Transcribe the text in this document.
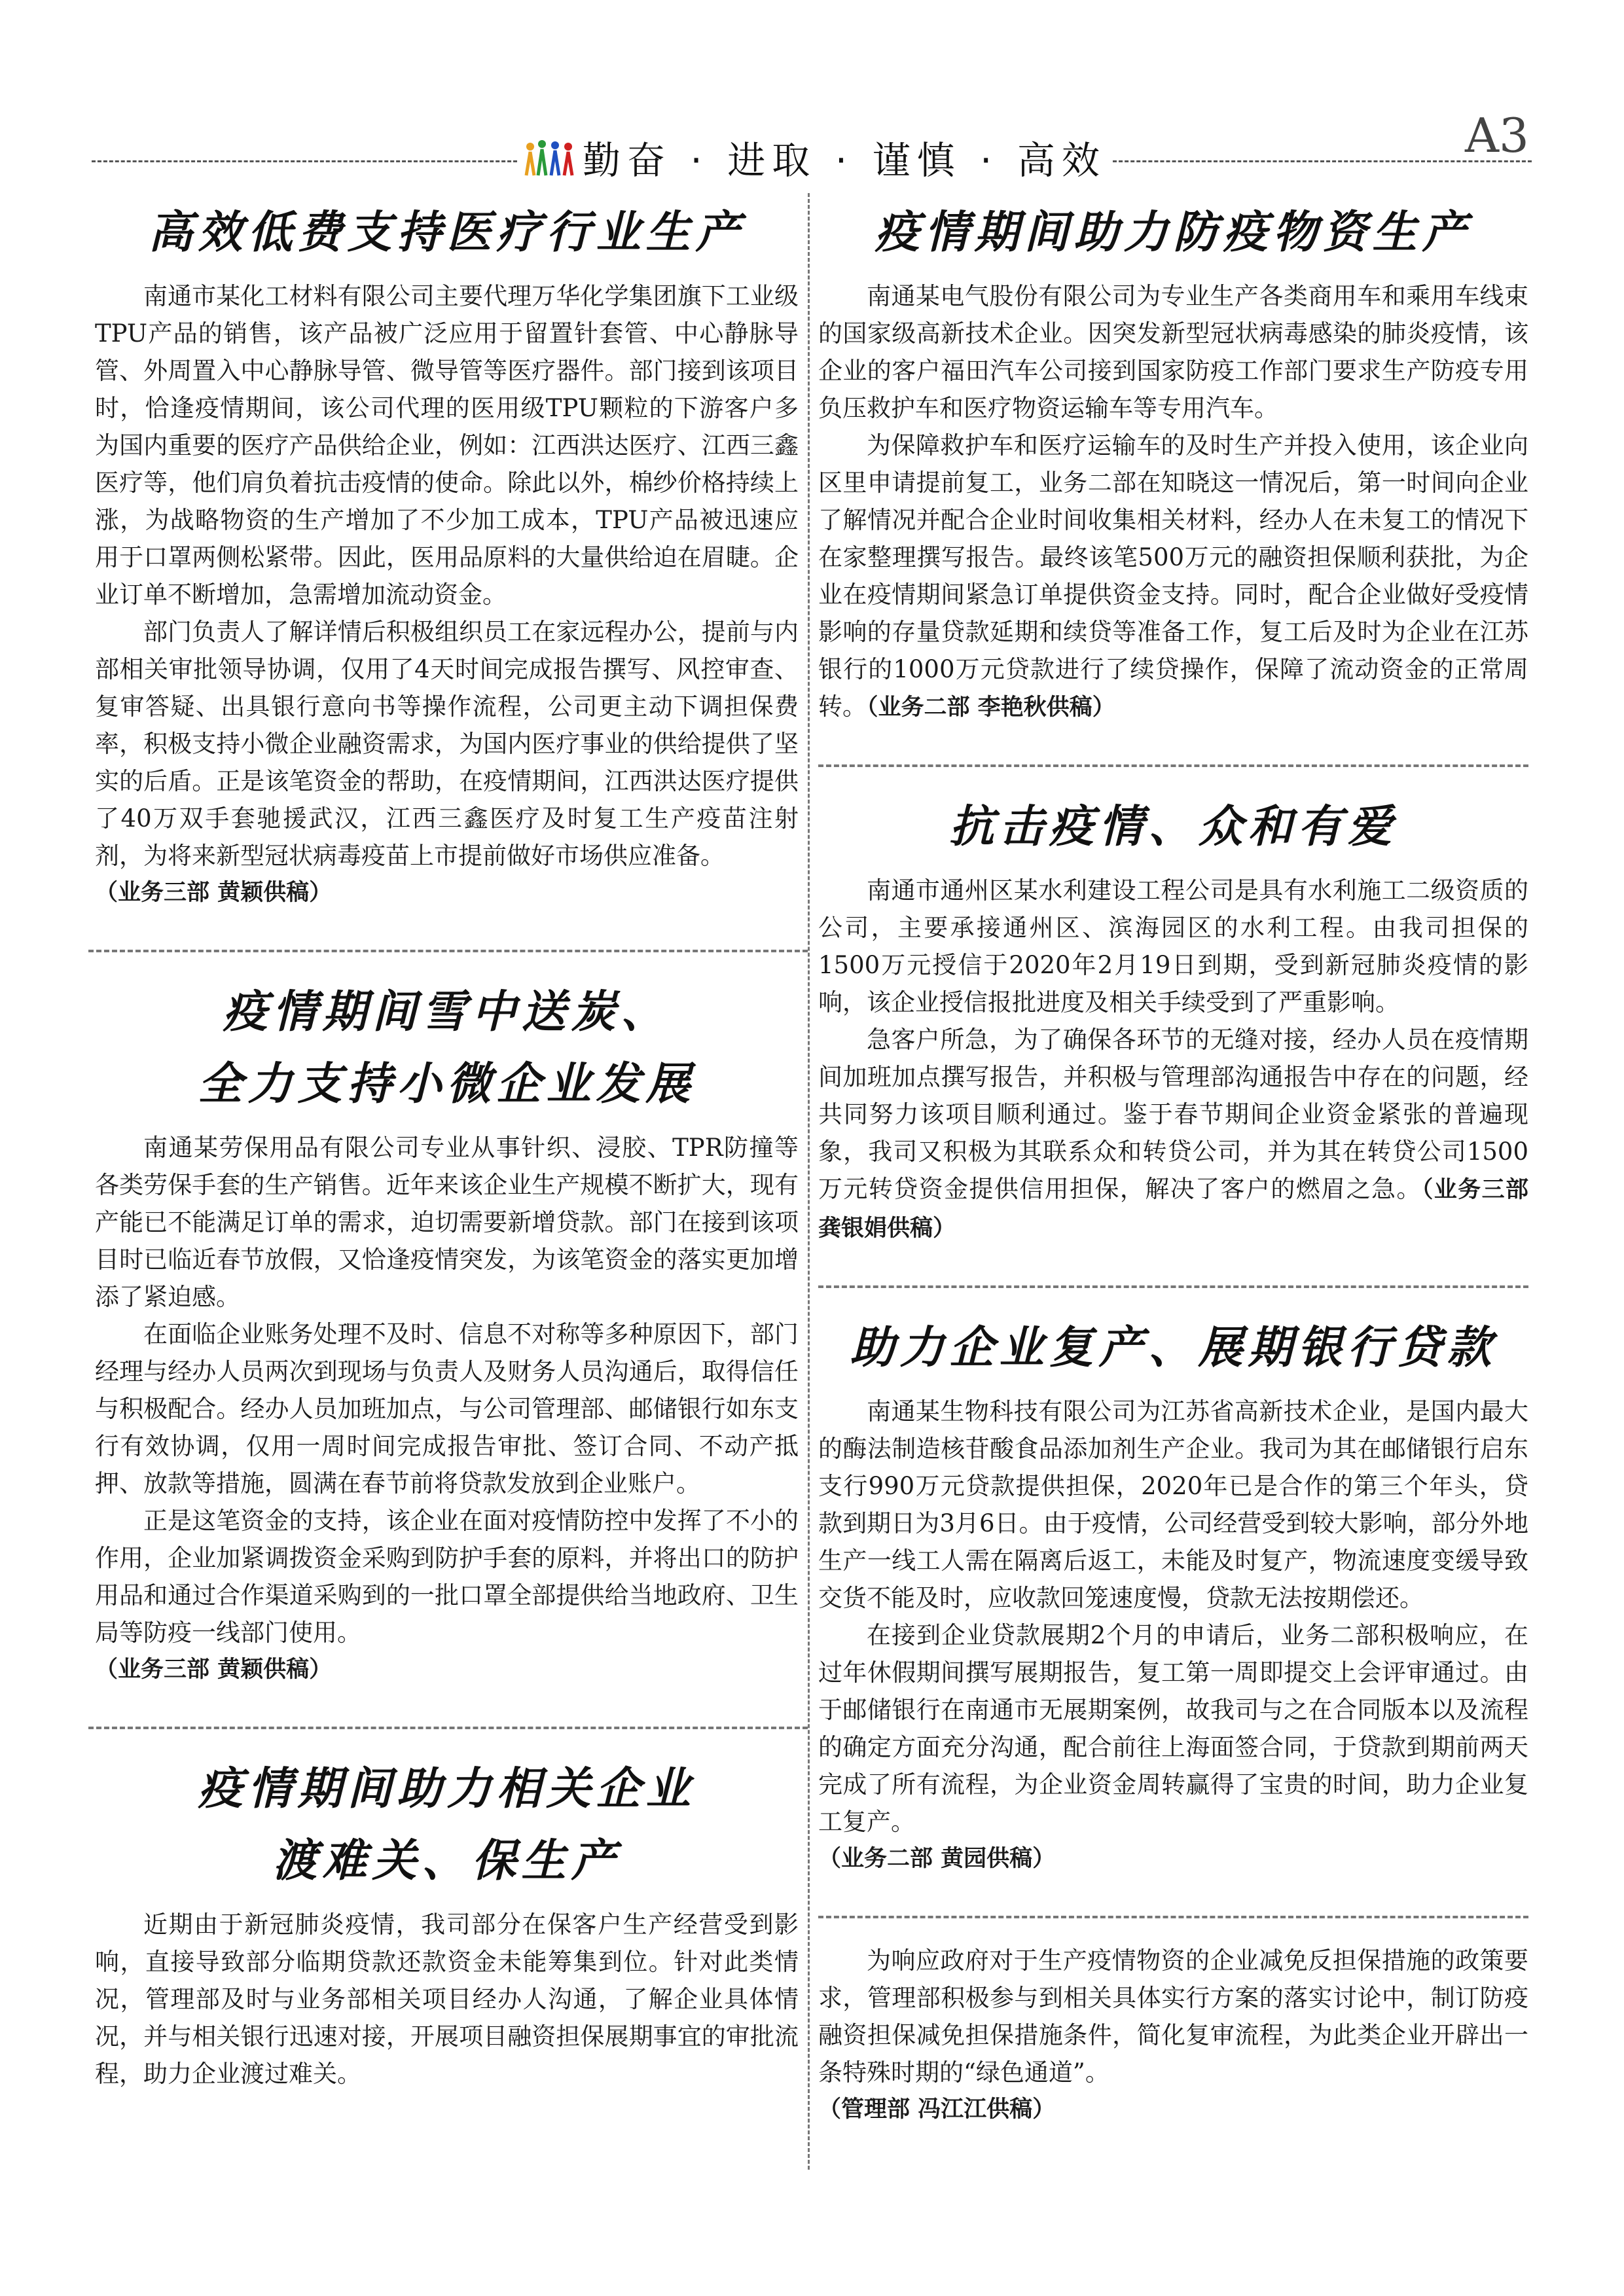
勤奋 · 进取 · 谨慎 · 高效	A3
高效低费支持医疗行业生产

南通市某化工材料有限公司主要代理万华化学集团旗下工业级TPU产品的销售，该产品被广泛应用于留置针套管、中心静脉导管、外周置入中心静脉导管、微导管等医疗器件。部门接到该项目时，恰逢疫情期间，该公司代理的医用级TPU颗粒的下游客户多为国内重要的医疗产品供给企业，例如：江西洪达医疗、江西三鑫医疗等，他们肩负着抗击疫情的使命。除此以外，棉纱价格持续上涨，为战略物资的生产增加了不少加工成本，TPU产品被迅速应用于口罩两侧松紧带。因此，医用品原料的大量供给迫在眉睫。企业订单不断增加，急需增加流动资金。

部门负责人了解详情后积极组织员工在家远程办公，提前与内部相关审批领导协调，仅用了4天时间完成报告撰写、风控审查、复审答疑、出具银行意向书等操作流程，公司更主动下调担保费率，积极支持小微企业融资需求，为国内医疗事业的供给提供了坚实的后盾。正是该笔资金的帮助，在疫情期间，江西洪达医疗提供了40万双手套驰援武汉，江西三鑫医疗及时复工生产疫苗注射剂，为将来新型冠状病毒疫苗上市提前做好市场供应准备。

（业务三部 黄颖供稿）

疫情期间雪中送炭、
全力支持小微企业发展

南通某劳保用品有限公司专业从事针织、浸胶、TPR防撞等各类劳保手套的生产销售。近年来该企业生产规模不断扩大，现有产能已不能满足订单的需求，迫切需要新增贷款。部门在接到该项目时已临近春节放假，又恰逢疫情突发，为该笔资金的落实更加增添了紧迫感。

在面临企业账务处理不及时、信息不对称等多种原因下，部门经理与经办人员两次到现场与负责人及财务人员沟通后，取得信任与积极配合。经办人员加班加点，与公司管理部、邮储银行如东支行有效协调，仅用一周时间完成报告审批、签订合同、不动产抵押、放款等措施，圆满在春节前将贷款发放到企业账户。

正是这笔资金的支持，该企业在面对疫情防控中发挥了不小的作用，企业加紧调拨资金采购到防护手套的原料，并将出口的防护用品和通过合作渠道采购到的一批口罩全部提供给当地政府、卫生局等防疫一线部门使用。

（业务三部 黄颖供稿）

疫情期间助力相关企业
渡难关、保生产

近期由于新冠肺炎疫情，我司部分在保客户生产经营受到影响，直接导致部分临期贷款还款资金未能筹集到位。针对此类情况，管理部及时与业务部相关项目经办人沟通，了解企业具体情况，并与相关银行迅速对接，开展项目融资担保展期事宜的审批流程，助力企业渡过难关。

疫情期间助力防疫物资生产

南通某电气股份有限公司为专业生产各类商用车和乘用车线束的国家级高新技术企业。因突发新型冠状病毒感染的肺炎疫情，该企业的客户福田汽车公司接到国家防疫工作部门要求生产防疫专用负压救护车和医疗物资运输车等专用汽车。

为保障救护车和医疗运输车的及时生产并投入使用，该企业向区里申请提前复工，业务二部在知晓这一情况后，第一时间向企业了解情况并配合企业时间收集相关材料，经办人在未复工的情况下在家整理撰写报告。最终该笔500万元的融资担保顺利获批，为企业在疫情期间紧急订单提供资金支持。同时，配合企业做好受疫情影响的存量贷款延期和续贷等准备工作，复工后及时为企业在江苏银行的1000万元贷款进行了续贷操作，保障了流动资金的正常周转。（业务二部 李艳秋供稿）

抗击疫情、众和有爱

南通市通州区某水利建设工程公司是具有水利施工二级资质的公司，主要承接通州区、滨海园区的水利工程。由我司担保的1500万元授信于2020年2月19日到期，受到新冠肺炎疫情的影响，该企业授信报批进度及相关手续受到了严重影响。

急客户所急，为了确保各环节的无缝对接，经办人员在疫情期间加班加点撰写报告，并积极与管理部沟通报告中存在的问题，经共同努力该项目顺利通过。鉴于春节期间企业资金紧张的普遍现象，我司又积极为其联系众和转贷公司，并为其在转贷公司1500万元转贷资金提供信用担保，解决了客户的燃眉之急。（业务三部 龚银娟供稿）

助力企业复产、展期银行贷款

南通某生物科技有限公司为江苏省高新技术企业，是国内最大的酶法制造核苷酸食品添加剂生产企业。我司为其在邮储银行启东支行990万元贷款提供担保，2020年已是合作的第三个年头，贷款到期日为3月6日。由于疫情，公司经营受到较大影响，部分外地生产一线工人需在隔离后返工，未能及时复产，物流速度变缓导致交货不能及时，应收款回笼速度慢，贷款无法按期偿还。

在接到企业贷款展期2个月的申请后，业务二部积极响应，在过年休假期间撰写展期报告，复工第一周即提交上会评审通过。由于邮储银行在南通市无展期案例，故我司与之在合同版本以及流程的确定方面充分沟通，配合前往上海面签合同，于贷款到期前两天完成了所有流程，为企业资金周转赢得了宝贵的时间，助力企业复工复产。

（业务二部 黄园供稿）

为响应政府对于生产疫情物资的企业减免反担保措施的政策要求，管理部积极参与到相关具体实行方案的落实讨论中，制订防疫融资担保减免担保措施条件，简化复审流程，为此类企业开辟出一条特殊时期的“绿色通道”。

（管理部 冯江江供稿）
